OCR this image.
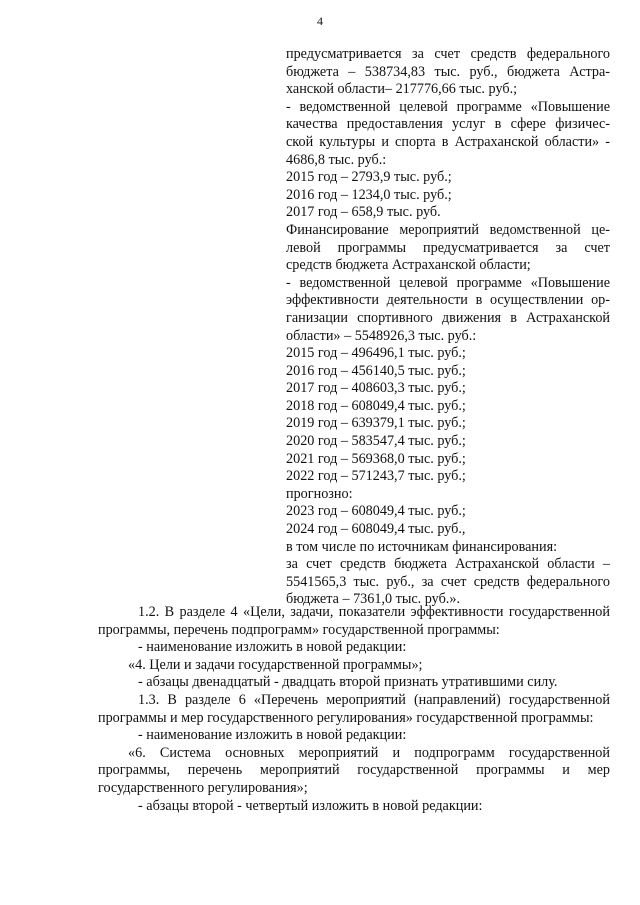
4
предусматривается за счет средств федерального
бюджета – 538734,83 тыс. руб., бюджета Астра-
ханской области– 217776,66 тыс. руб.;
- ведомственной целевой программе «Повышение
качества предоставления услуг в сфере физичес-
ской культуры и спорта в Астраханской области» -
4686,8 тыс. руб.:
2015 год – 2793,9 тыс. руб.;
2016 год – 1234,0 тыс. руб.;
2017 год – 658,9 тыс. руб.
Финансирование мероприятий ведомственной це-
левой программы предусматривается за счет
средств бюджета Астраханской области;
- ведомственной целевой программе «Повышение
эффективности деятельности в осуществлении ор-
ганизации спортивного движения в Астраханской
области» – 5548926,3 тыс. руб.:
2015 год – 496496,1 тыс. руб.;
2016 год – 456140,5 тыс. руб.;
2017 год – 408603,3 тыс. руб.;
2018 год – 608049,4 тыс. руб.;
2019 год – 639379,1 тыс. руб.;
2020 год – 583547,4 тыс. руб.;
2021 год – 569368,0 тыс. руб.;
2022 год – 571243,7 тыс. руб.;
прогнозно:
2023 год – 608049,4 тыс. руб.;
2024 год – 608049,4 тыс. руб.,
в том числе по источникам финансирования:
за счет средств бюджета Астраханской области –
5541565,3 тыс. руб., за счет средств федерального
бюджета – 7361,0 тыс. руб.».

1.2. В разделе 4 «Цели, задачи, показатели эффективности государственной программы, перечень подпрограмм» государственной программы:

- наименование изложить в новой редакции:

«4. Цели и задачи государственной программы»;

- абзацы двенадцатый - двадцать второй признать утратившими силу.

1.3. В разделе 6 «Перечень мероприятий (направлений) государственной программы и мер государственного регулирования» государственной программы:

- наименование изложить в новой редакции:

«6. Система основных мероприятий и подпрограмм государственной программы, перечень мероприятий государственной программы и мер государственного регулирования»;

- абзацы второй - четвертый изложить в новой редакции:
